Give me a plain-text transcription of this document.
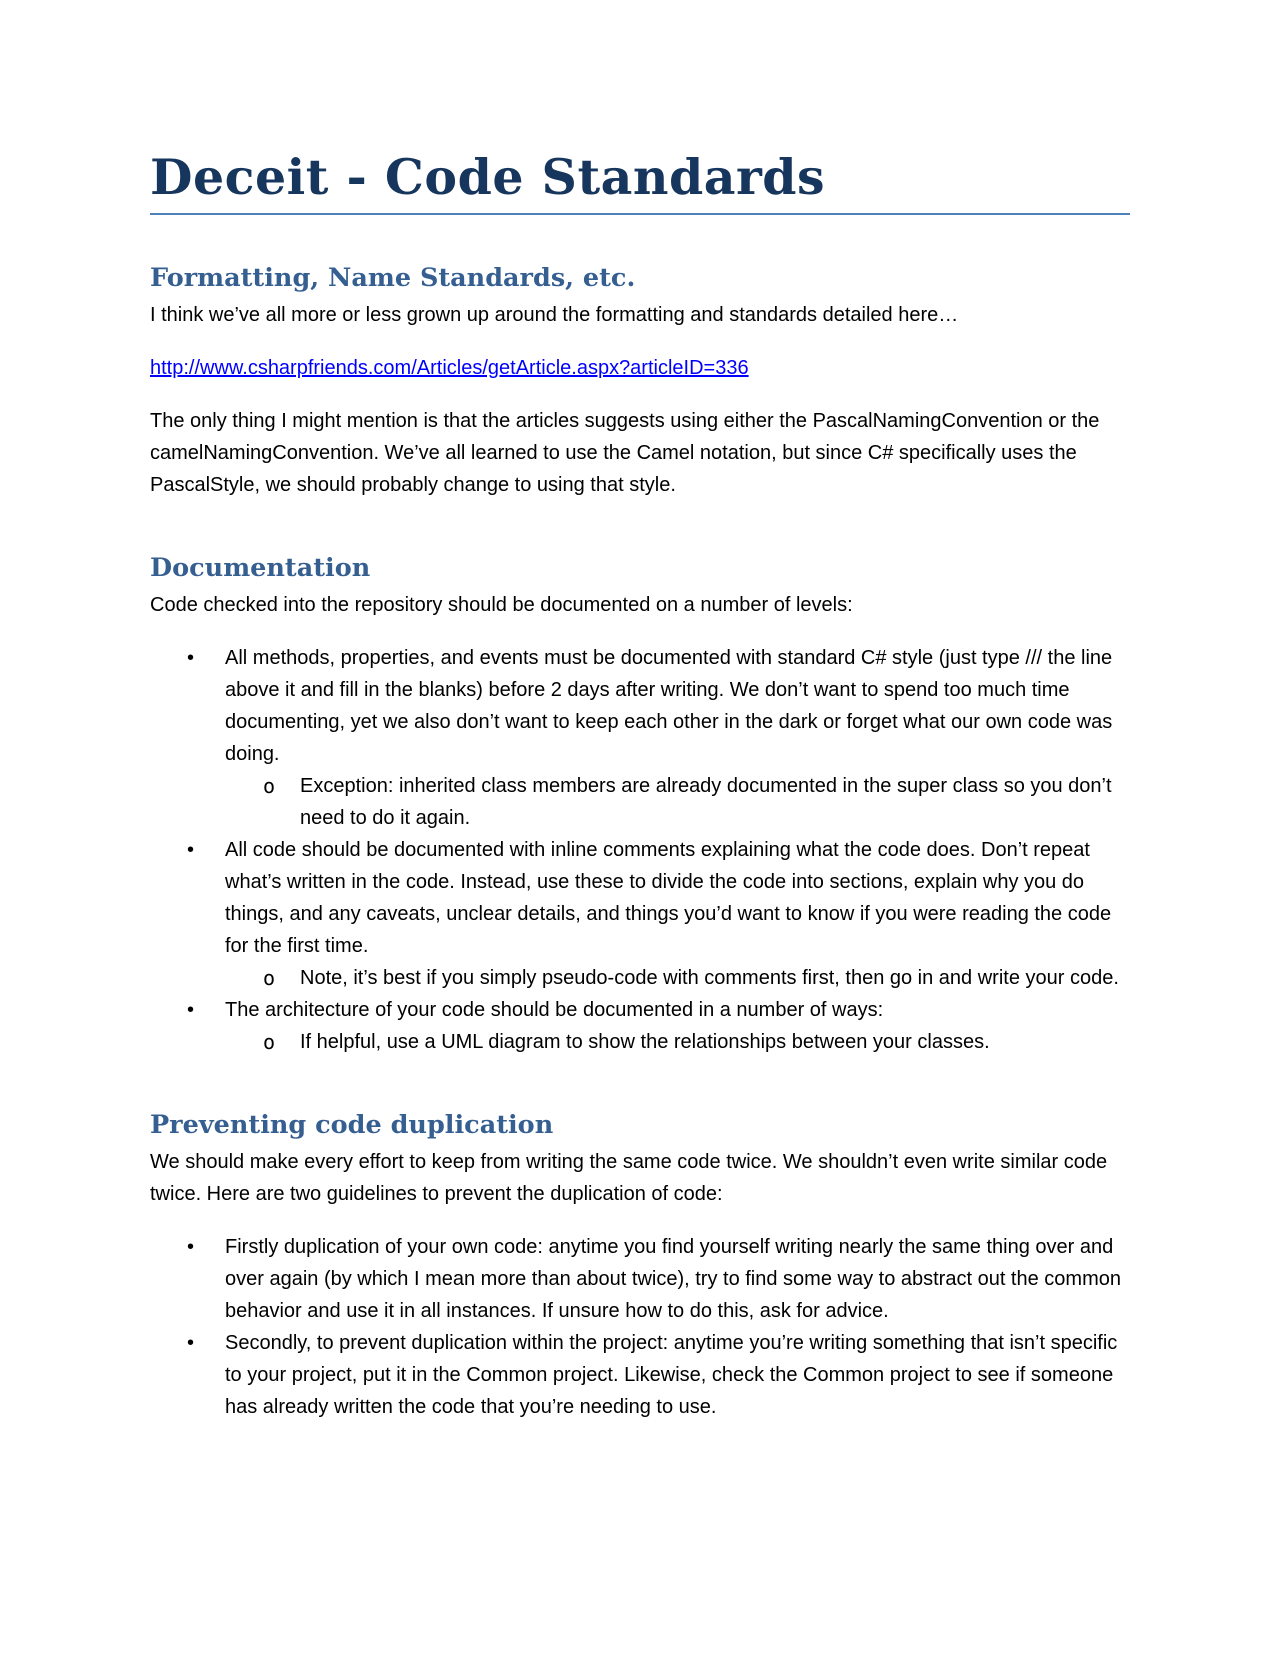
Deceit - Code Standards
Formatting, Name Standards, etc.

I think we’ve all more or less grown up around the formatting and standards detailed here…

http://www.csharpfriends.com/Articles/getArticle.aspx?articleID=336

The only thing I might mention is that the articles suggests using either the PascalNamingConvention or the camelNamingConvention. We’ve all learned to use the Camel notation, but since C# specifically uses the PascalStyle, we should probably change to using that style.

Documentation

Code checked into the repository should be documented on a number of levels:

• All methods, properties, and events must be documented with standard C# style (just type /// the line above it and fill in the blanks) before 2 days after writing. We don’t want to spend too much time documenting, yet we also don’t want to keep each other in the dark or forget what our own code was doing.
o Exception: inherited class members are already documented in the super class so you don’t need to do it again.
• All code should be documented with inline comments explaining what the code does. Don’t repeat what’s written in the code. Instead, use these to divide the code into sections, explain why you do things, and any caveats, unclear details, and things you’d want to know if you were reading the code for the first time.
o Note, it’s best if you simply pseudo-code with comments first, then go in and write your code.
• The architecture of your code should be documented in a number of ways:
o If helpful, use a UML diagram to show the relationships between your classes.
Preventing code duplication

We should make every effort to keep from writing the same code twice. We shouldn’t even write similar code twice. Here are two guidelines to prevent the duplication of code:

• Firstly duplication of your own code: anytime you find yourself writing nearly the same thing over and over again (by which I mean more than about twice), try to find some way to abstract out the common behavior and use it in all instances. If unsure how to do this, ask for advice.
• Secondly, to prevent duplication within the project: anytime you’re writing something that isn’t specific to your project, put it in the Common project. Likewise, check the Common project to see if someone has already written the code that you’re needing to use.
